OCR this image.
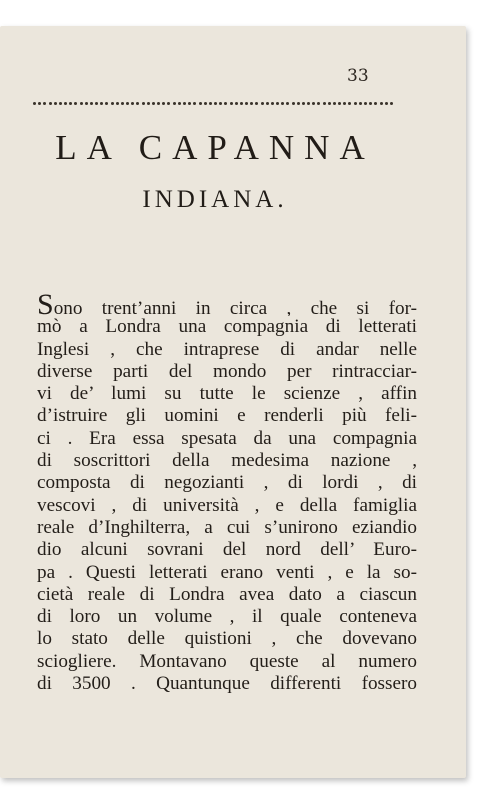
33
LA CAPANNA
INDIANA.
Sono trent’anni in circa , che si for-
mò a Londra una compagnia di letterati
Inglesi , che intraprese di andar nelle
diverse parti del mondo per rintracciar-
vi de’ lumi su tutte le scienze , affin
d’istruire gli uomini e renderli più feli-
ci . Era essa spesata da una compagnia
di soscrittori della medesima nazione ,
composta di negozianti , di lordi , di
vescovi , di università , e della famiglia
reale d’Inghilterra, a cui s’unirono eziandio
dio alcuni sovrani del nord dell’ Euro-
pa . Questi letterati erano venti , e la so-
cietà reale di Londra avea dato a ciascun
di loro un volume , il quale conteneva
lo stato delle quistioni , che dovevano
sciogliere. Montavano queste al numero
di 3500 . Quantunque differenti fossero
